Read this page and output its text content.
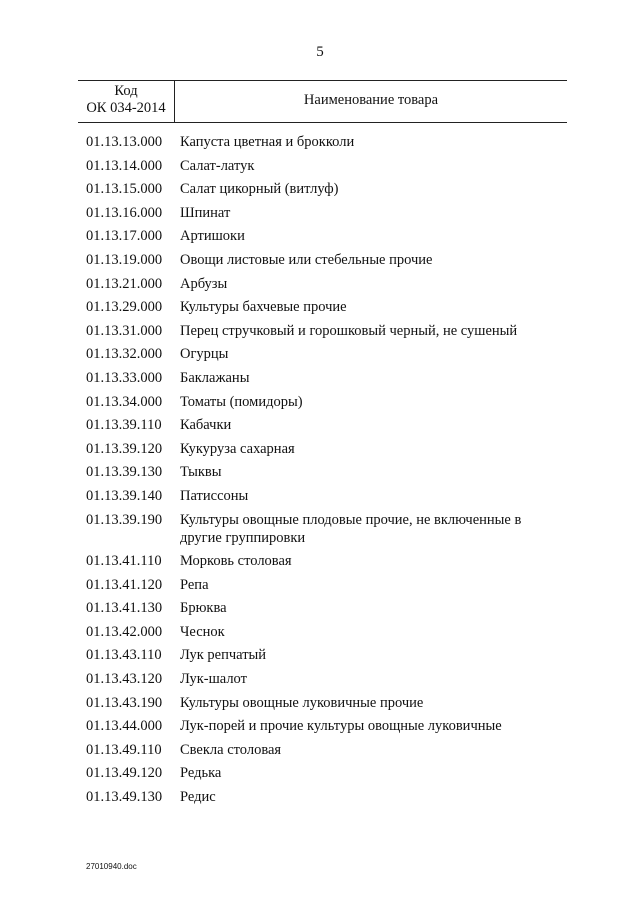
5
Код
ОК 034-2014	Наименование товара
01.13.13.000	Капуста цветная и брокколи
01.13.14.000	Салат-латук
01.13.15.000	Салат цикорный (витлуф)
01.13.16.000	Шпинат
01.13.17.000	Артишоки
01.13.19.000	Овощи листовые или стебельные прочие
01.13.21.000	Арбузы
01.13.29.000	Культуры бахчевые прочие
01.13.31.000	Перец стручковый и горошковый черный, не сушеный
01.13.32.000	Огурцы
01.13.33.000	Баклажаны
01.13.34.000	Томаты (помидоры)
01.13.39.110	Кабачки
01.13.39.120	Кукуруза сахарная
01.13.39.130	Тыквы
01.13.39.140	Патиссоны
01.13.39.190	Культуры овощные плодовые прочие, не включенные в другие группировки
01.13.41.110	Морковь столовая
01.13.41.120	Репа
01.13.41.130	Брюква
01.13.42.000	Чеснок
01.13.43.110	Лук репчатый
01.13.43.120	Лук-шалот
01.13.43.190	Культуры овощные луковичные прочие
01.13.44.000	Лук-порей и прочие культуры овощные луковичные
01.13.49.110	Свекла столовая
01.13.49.120	Редька
01.13.49.130	Редис
27010940.doc
